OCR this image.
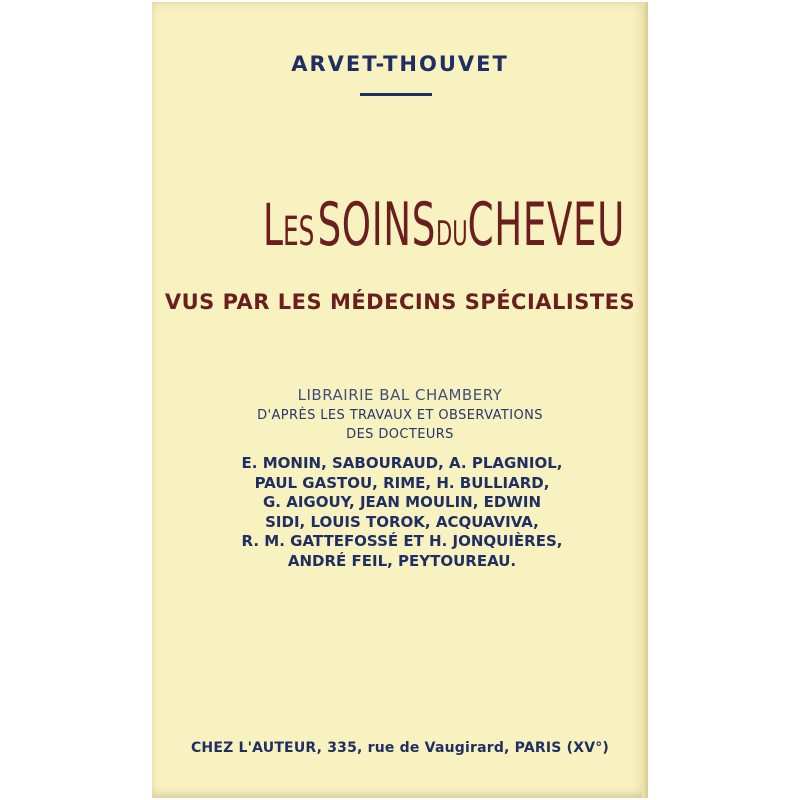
ARVET-THOUVET
LES SOINSDUCHEVEU
VUS PAR LES MÉDECINS SPÉCIALISTES
LIBRAIRIE BAL CHAMBERY
D'APRÈS LES TRAVAUX ET OBSERVATIONS
DES DOCTEURS
E. MONIN, SABOURAUD, A. PLAGNIOL,
PAUL GASTOU, RIME, H. BULLIARD,
G. AIGOUY, JEAN MOULIN, EDWIN
SIDI, LOUIS TOROK, ACQUAVIVA,
R. M. GATTEFOSSÉ ET H. JONQUIÈRES,
ANDRÉ FEIL, PEYTOUREAU.
CHEZ L'AUTEUR, 335, rue de Vaugirard, PARIS (XV°)
